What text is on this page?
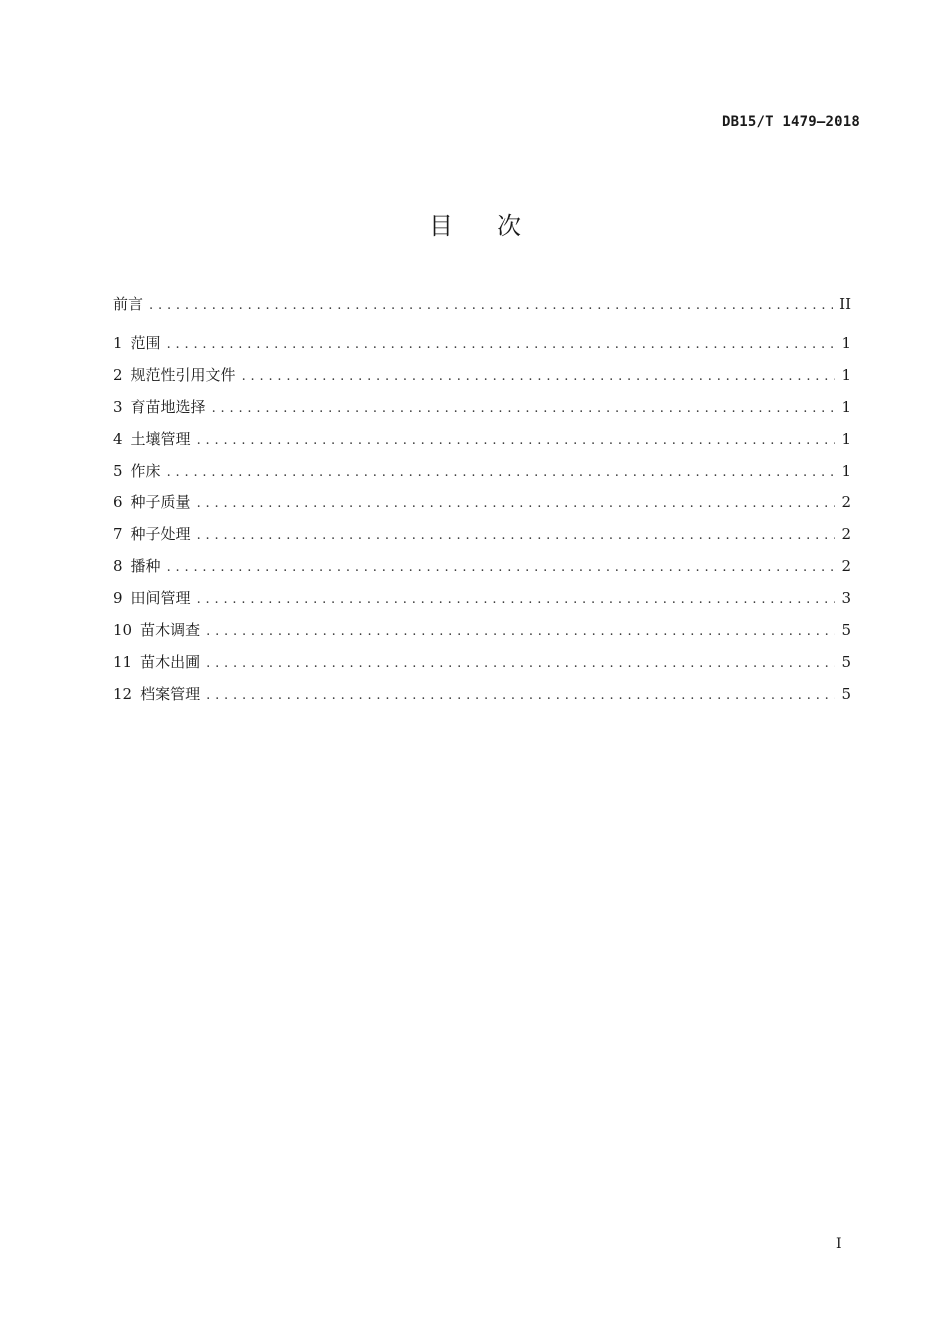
DB15/T 1479—2018
目 次
前言 . . .	II
1 范围 . . .	1
2 规范性引用文件 . . .	1
3 育苗地选择 . . .	1
4 土壤管理 . . .	1
5 作床 . . .	1
6 种子质量 . . .	2
7 种子处理 . . .	2
8 播种 . . .	2
9 田间管理 . . .	3
10 苗木调查 . . .	5
11 苗木出圃 . . .	5
12 档案管理 . . .	5
I
